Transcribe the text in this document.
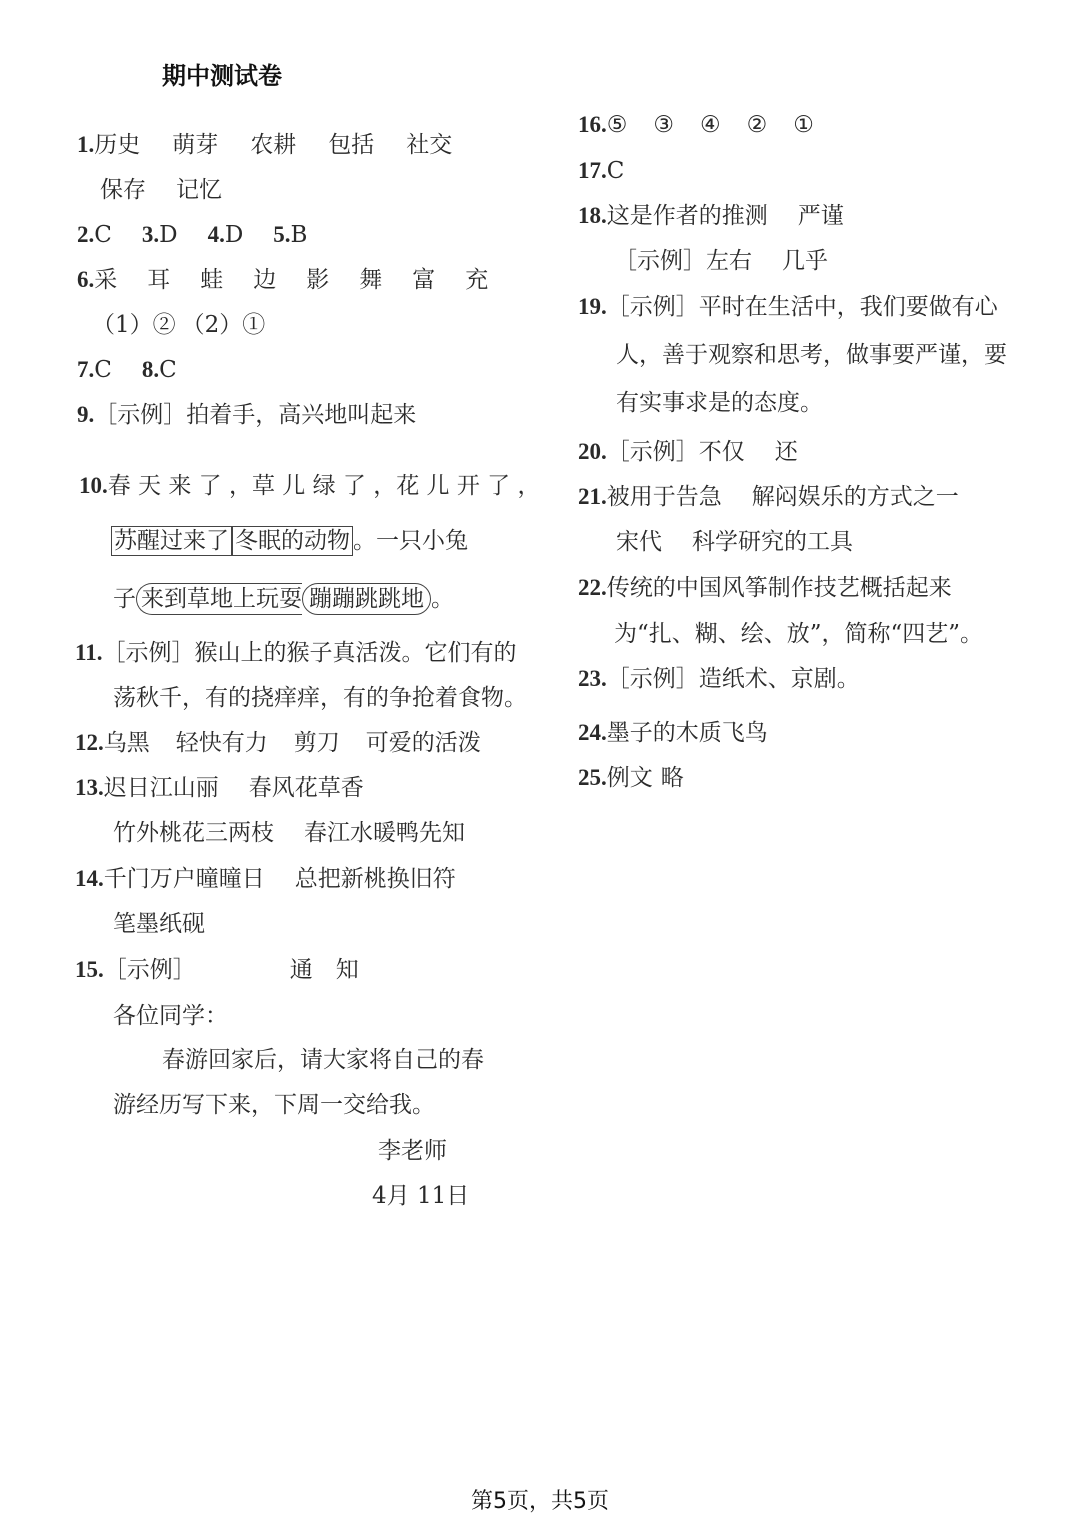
期中测试卷
1.历史 萌芽 农耕 包括 社交
保存 记忆
2.C 3.D 4.D 5.B
6.采 耳 蛙 边 影 舞 富 充
（1）② （2）①
7.C 8.C
9.［示例］拍着手，高兴地叫起来
10.春 天 来 了 ，草 儿 绿 了 ，花 儿 开 了 ，
苏醒过来了 冬眠的动物 。一只小兔
子 来到草地上玩耍 蹦蹦跳跳地 。
11.［示例］猴山上的猴子真活泼。它们有的
荡秋千，有的挠痒痒，有的争抢着食物。
12.乌黑 轻快有力 剪刀 可爱的活泼
13.迟日江山丽 春风花草香
竹外桃花三两枝 春江水暖鸭先知
14.千门万户曈曈日 总把新桃换旧符
笔墨纸砚
15.［示例］	通　知
各位同学：
春游回家后，请大家将自己的春
游经历写下来，下周一交给我。
李老师
4月 11日
16.⑤ ③ ④ ② ①
17.C
18.这是作者的推测 严谨
［示例］左右 几乎
19.［示例］平时在生活中，我们要做有心
人，善于观察和思考，做事要严谨，要
有实事求是的态度。
20.［示例］不仅 还
21.被用于告急 解闷娱乐的方式之一
宋代 科学研究的工具
22.传统的中国风筝制作技艺概括起来
为“扎、糊、绘、放”，简称“四艺”。
23.［示例］造纸术、京剧。
24.墨子的木质飞鸟
25.例文 略
第5页，共5页
